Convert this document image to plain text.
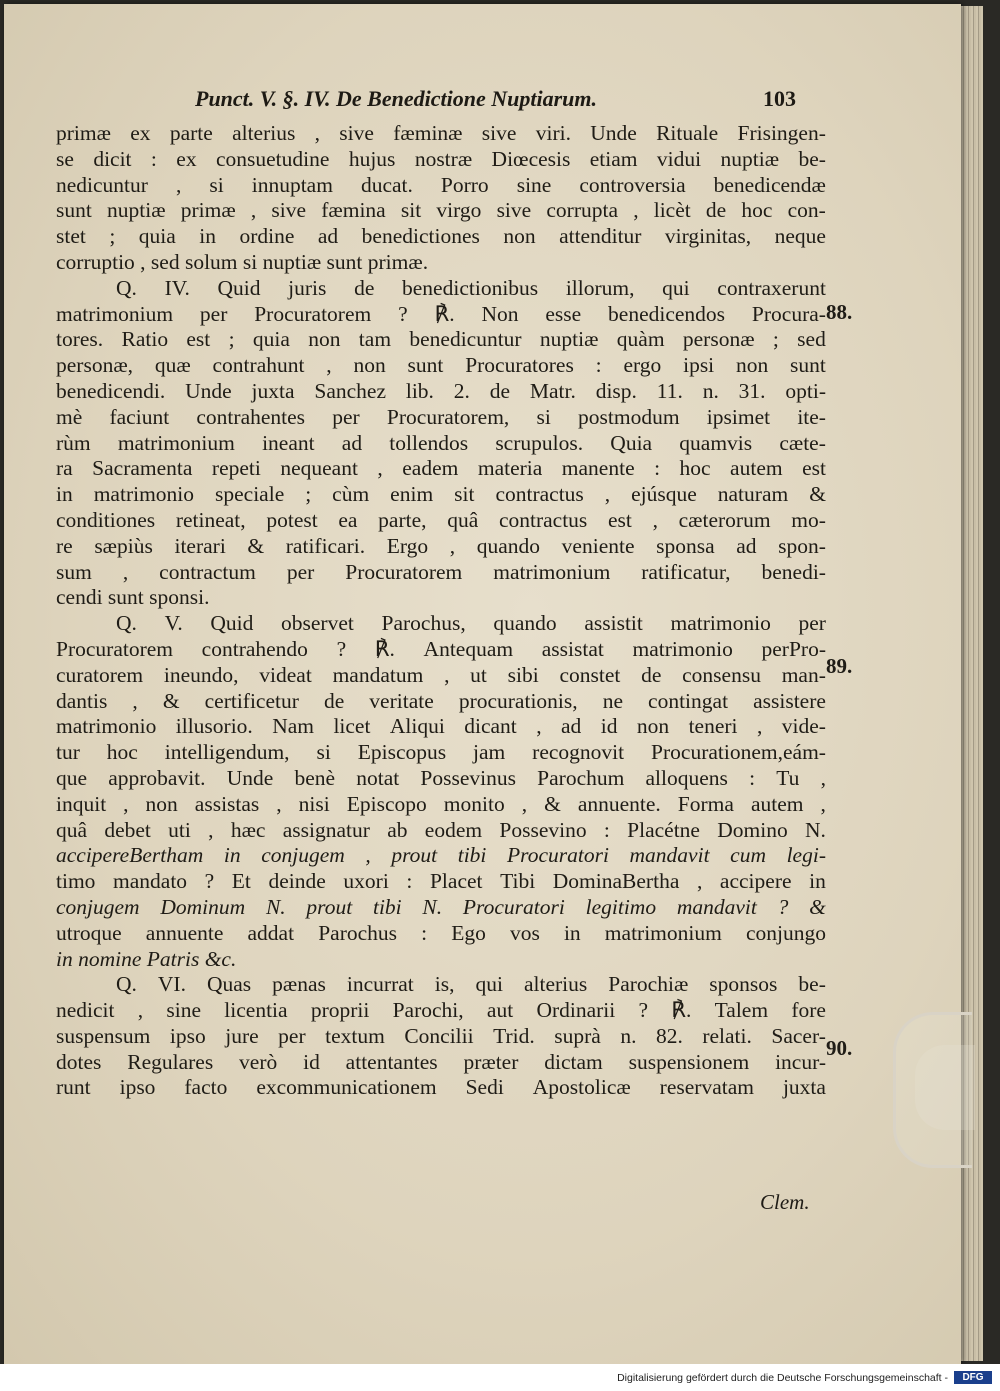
Punct. V. §. IV. De Benedictione Nuptiarum.	103
primæ ex parte alterius , sive fæminæ sive viri. Unde Rituale Frisingen-
se dicit : ex consuetudine hujus nostræ Diœcesis etiam vidui nuptiæ be-
nedicuntur , si innuptam ducat. Porro sine controversia benedicendæ
sunt nuptiæ primæ , sive fæmina sit virgo sive corrupta , licèt de hoc con-
stet ; quia in ordine ad benedictiones non attenditur virginitas, neque
corruptio , sed solum si nuptiæ sunt primæ.
Q. IV. Quid juris de benedictionibus illorum, qui contraxerunt
matrimonium per Procuratorem ? ℟. Non esse benedicendos Procura-
tores. Ratio est ; quia non tam benedicuntur nuptiæ quàm personæ ; sed
personæ, quæ contrahunt , non sunt Procuratores : ergo ipsi non sunt
benedicendi. Unde juxta Sanchez lib. 2. de Matr. disp. 11. n. 31. opti-
mè faciunt contrahentes per Procuratorem, si postmodum ipsimet ite-
rùm matrimonium ineant ad tollendos scrupulos. Quia quamvis cæte-
ra Sacramenta repeti nequeant , eadem materia manente : hoc autem est
in matrimonio speciale ; cùm enim sit contractus , ejúsque naturam &
conditiones retineat, potest ea parte, quâ contractus est , cæterorum mo-
re sæpiùs iterari & ratificari. Ergo , quando veniente sponsa ad spon-
sum , contractum per Procuratorem matrimonium ratificatur, benedi-
cendi sunt sponsi.
Q. V. Quid observet Parochus, quando assistit matrimonio per
Procuratorem contrahendo ? ℟. Antequam assistat matrimonio perPro-
curatorem ineundo, videat mandatum , ut sibi constet de consensu man-
dantis , & certificetur de veritate procurationis, ne contingat assistere
matrimonio illusorio. Nam licet Aliqui dicant , ad id non teneri , vide-
tur hoc intelligendum, si Episcopus jam recognovit Procurationem,eám-
que approbavit. Unde benè notat Possevinus Parochum alloquens : Tu ,
inquit , non assistas , nisi Episcopo monito , & annuente. Forma autem ,
quâ debet uti , hæc assignatur ab eodem Possevino : Placétne Domino N.
accipereBertham in conjugem , prout tibi Procuratori mandavit cum legi-
timo mandato ? Et deinde uxori : Placet Tibi DominaBertha , accipere in
conjugem Dominum N. prout tibi N. Procuratori legitimo mandavit ? &
utroque annuente addat Parochus : Ego vos in matrimonium conjungo
in nomine Patris &c.
Q. VI. Quas pænas incurrat is, qui alterius Parochiæ sponsos be-
nedicit , sine licentia proprii Parochi, aut Ordinarii ? ℟. Talem fore
suspensum ipso jure per textum Concilii Trid. suprà n. 82. relati. Sacer-
dotes Regulares verò id attentantes præter dictam suspensionem incur-
runt ipso facto excommunicationem Sedi Apostolicæ reservatam juxta
88.
89.
90.
Clem.
Digitalisierung gefördert durch die Deutsche Forschungsgemeinschaft -	DFG
